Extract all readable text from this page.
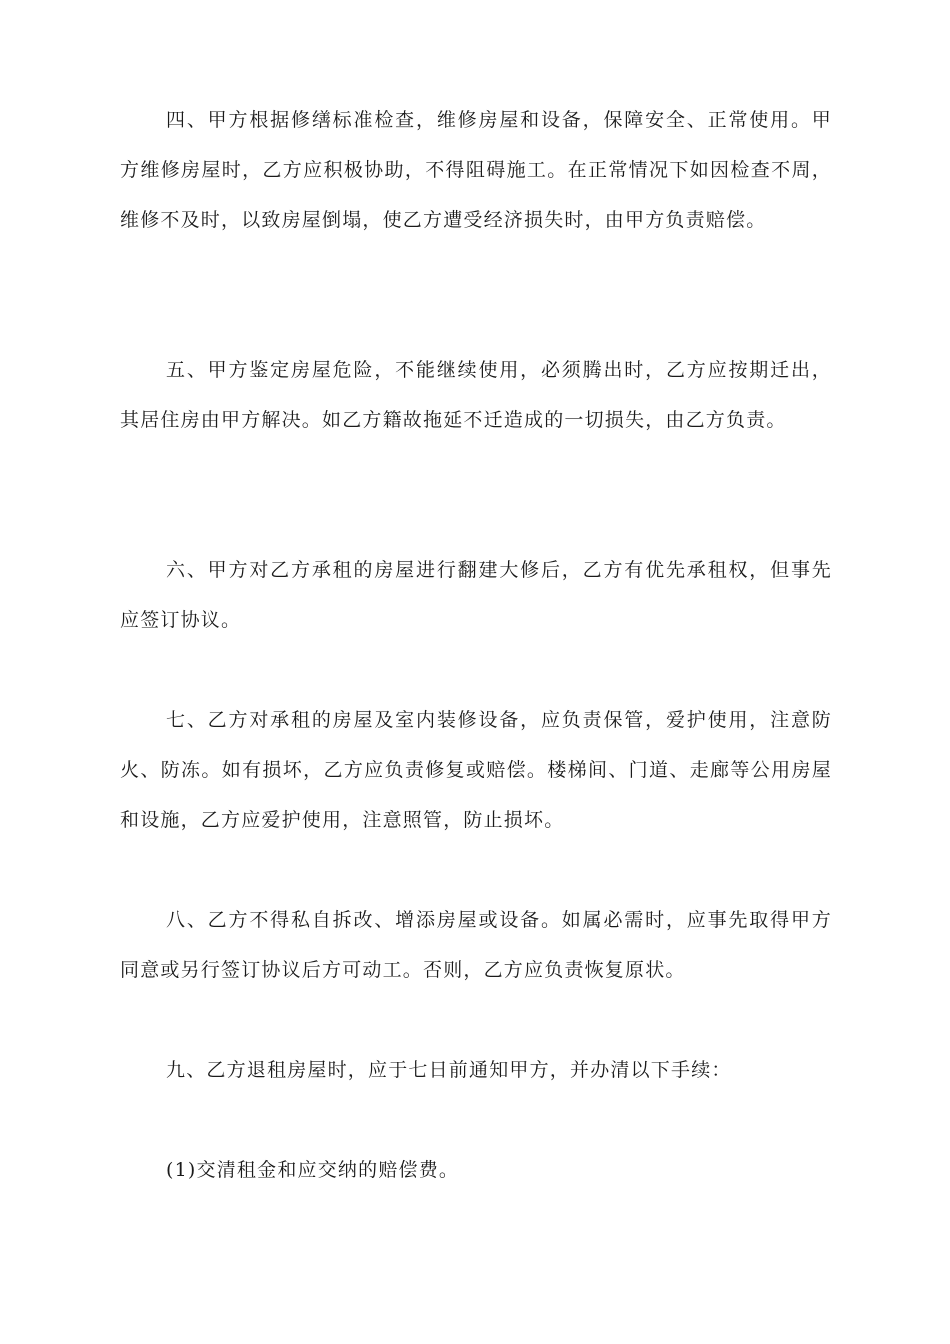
四、甲方根据修缮标准检查，维修房屋和设备，保障安全、正常使用。甲方维修房屋时，乙方应积极协助，不得阻碍施工。在正常情况下如因检查不周，维修不及时，以致房屋倒塌，使乙方遭受经济损失时，由甲方负责赔偿。

五、甲方鉴定房屋危险，不能继续使用，必须腾出时，乙方应按期迁出，其居住房由甲方解决。如乙方籍故拖延不迁造成的一切损失，由乙方负责。

六、甲方对乙方承租的房屋进行翻建大修后，乙方有优先承租权，但事先应签订协议。

七、乙方对承租的房屋及室内装修设备，应负责保管，爱护使用，注意防火、防冻。如有损坏，乙方应负责修复或赔偿。楼梯间、门道、走廊等公用房屋和设施，乙方应爱护使用，注意照管，防止损坏。

八、乙方不得私自拆改、增添房屋或设备。如属必需时，应事先取得甲方同意或另行签订协议后方可动工。否则，乙方应负责恢复原状。

九、乙方退租房屋时，应于七日前通知甲方，并办清以下手续：

(1)交清租金和应交纳的赔偿费。
